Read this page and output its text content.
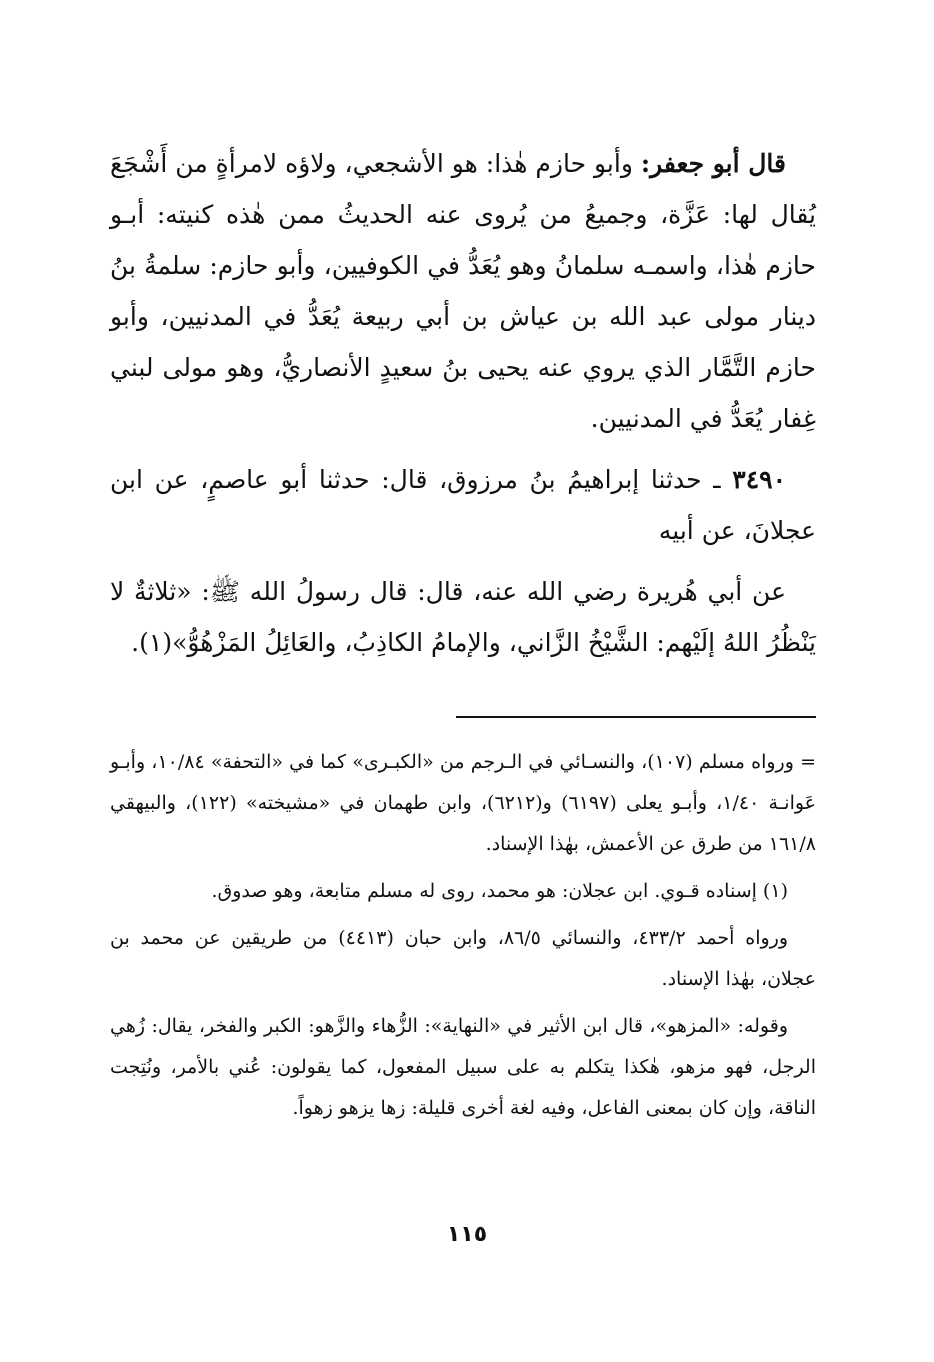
قال أبو جعفر: وأبو حازم هٰذا: هو الأشجعي، ولاؤه لامرأةٍ من أَشْجَعَ يُقال لها: عَزَّة، وجميعُ من يُروى عنه الحديثُ ممن هٰذه كنيته: أبـو حازم هٰذا، واسمـه سلمانُ وهو يُعَدُّ في الكوفيين، وأبو حازم: سلمةُ بنُ دينار مولى عبد الله بن عياش بن أبي ربيعة يُعَدُّ في المدنيين، وأبو حازم التَّمَّار الذي يروي عنه يحيى بنُ سعيدٍ الأنصاريُّ، وهو مولى لبني غِفار يُعَدُّ في المدنيين.

٣٤٩٠ ـ حدثنا إبراهيمُ بنُ مرزوق، قال: حدثنا أبو عاصمٍ، عن ابن عجلانَ، عن أبيه

عن أبي هُريرة رضي الله عنه، قال: قال رسولُ الله ﷺ: «ثلاثةٌ لا يَنْظُرُ اللهُ إلَيْهم: الشَّيْخُ الزَّاني، والإمامُ الكاذِبُ، والعَائِلُ المَزْهُوُّ»(١).

= ورواه مسلم (١٠٧)، والنسـائي في الـرجم من «الكبـرى» كما في «التحفة» ١٠/٨٤، وأبـو عَوانـة ١/٤٠، وأبـو يعلى (٦١٩٧) و(٦٢١٢)، وابن طهمان في «مشيخته» (١٢٢)، والبيهقي ١٦١/٨ من طرق عن الأعمش، بهٰذا الإسناد.

(١) إسناده قـوي. ابن عجلان: هو محمد، روى له مسلم متابعة، وهو صدوق.

ورواه أحمد ٤٣٣/٢، والنسائي ٨٦/٥، وابن حبان (٤٤١٣) من طريقين عن محمد بن عجلان، بهٰذا الإسناد.

وقوله: «المزهو»، قال ابن الأثير في «النهاية»: الزُّهاء والزَّهو: الكبر والفخر، يقال: زُهي الرجل، فهو مزهو، هٰكذا يتكلم به على سبيل المفعول، كما يقولون: عُني بالأمر، ونُتِجت الناقة، وإن كان بمعنى الفاعل، وفيه لغة أخرى قليلة: زها يزهو زهواً.

١١٥
